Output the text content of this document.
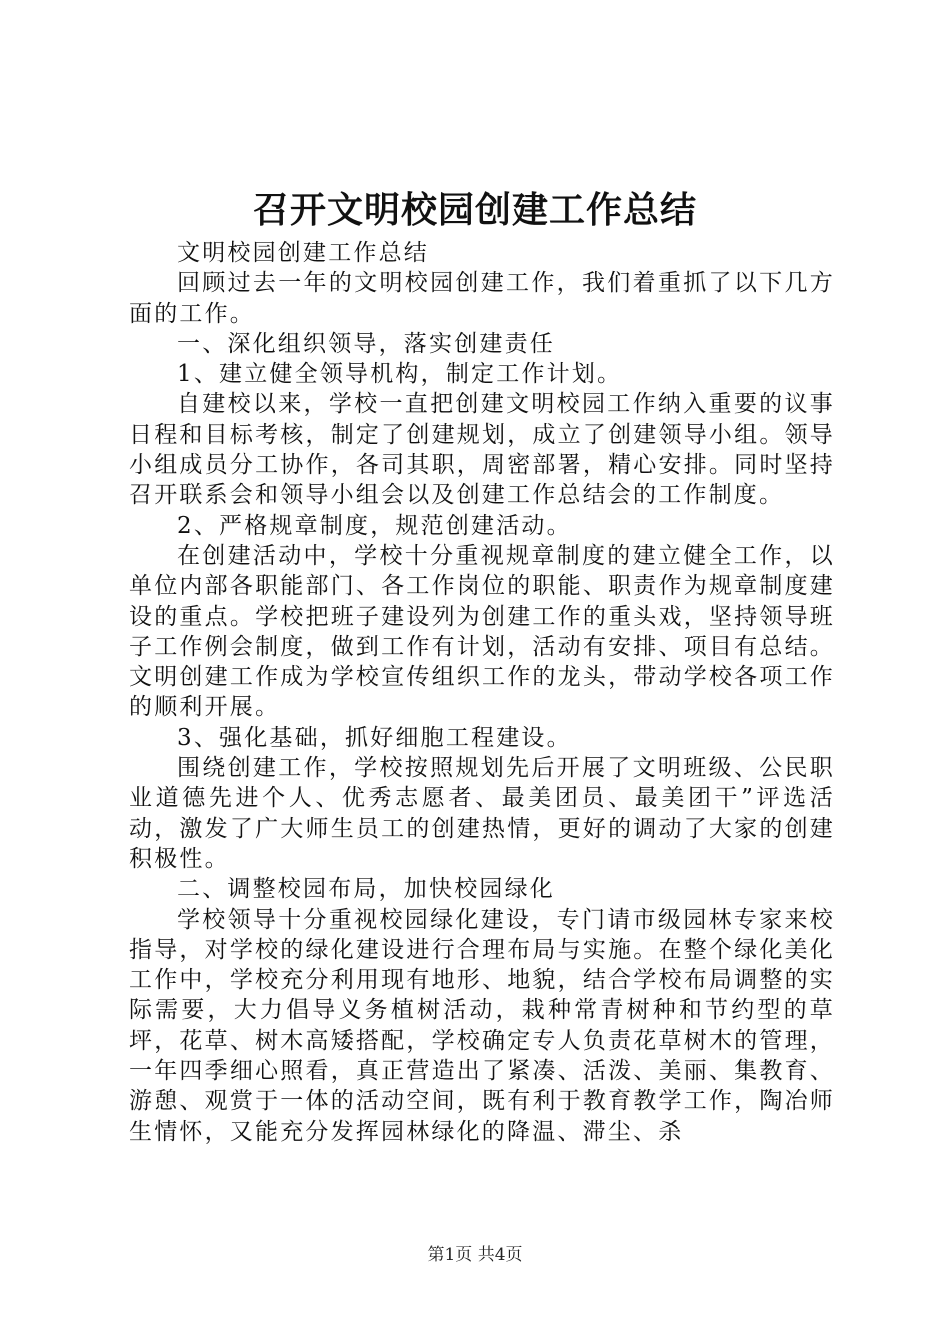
召开文明校园创建工作总结

文明校园创建工作总结

回顾过去一年的文明校园创建工作，我们着重抓了以下几方面的工作。

一、深化组织领导，落实创建责任

1、建立健全领导机构，制定工作计划。

自建校以来，学校一直把创建文明校园工作纳入重要的议事日程和目标考核，制定了创建规划，成立了创建领导小组。领导小组成员分工协作，各司其职，周密部署，精心安排。同时坚持召开联系会和领导小组会以及创建工作总结会的工作制度。

2、严格规章制度，规范创建活动。

在创建活动中，学校十分重视规章制度的建立健全工作，以单位内部各职能部门、各工作岗位的职能、职责作为规章制度建设的重点。学校把班子建设列为创建工作的重头戏，坚持领导班子工作例会制度，做到工作有计划，活动有安排、项目有总结。文明创建工作成为学校宣传组织工作的龙头，带动学校各项工作的顺利开展。

3、强化基础，抓好细胞工程建设。

围绕创建工作，学校按照规划先后开展了文明班级、公民职业道德先进个人、优秀志愿者、最美团员、最美团干”评选活动，激发了广大师生员工的创建热情，更好的调动了大家的创建积极性。

二、调整校园布局，加快校园绿化

学校领导十分重视校园绿化建设，专门请市级园林专家来校指导，对学校的绿化建设进行合理布局与实施。在整个绿化美化工作中，学校充分利用现有地形、地貌，结合学校布局调整的实际需要，大力倡导义务植树活动，栽种常青树种和节约型的草坪，花草、树木高矮搭配，学校确定专人负责花草树木的管理，一年四季细心照看，真正营造出了紧凑、活泼、美丽、集教育、游憩、观赏于一体的活动空间，既有利于教育教学工作，陶冶师生情怀，又能充分发挥园林绿化的降温、滞尘、杀

第1页 共4页
